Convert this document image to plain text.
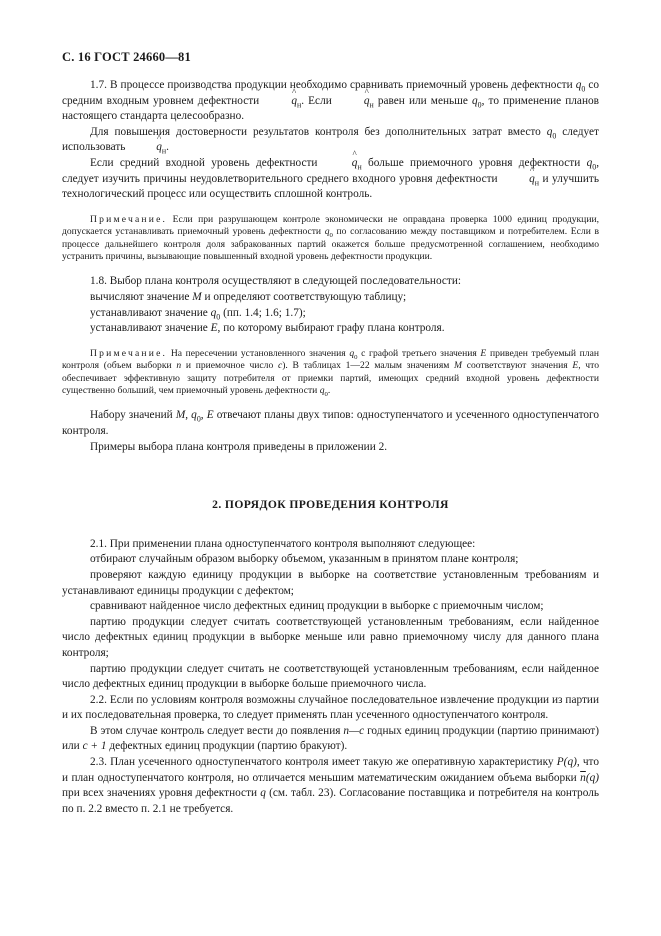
С. 16 ГОСТ 24660—81

1.7. В процессе производства продукции необходимо сравнивать приемочный уровень дефектности $q_0$ со средним входным уровнем дефектности	^ $q_н$. Если	^ $q_н$ равен или меньше $q_0$, то применение планов настоящего стандарта целесообразно.

Для повышения достоверности результатов контроля без дополнительных затрат вместо $q_0$ следует использовать	^ $q_н$.

Если средний входной уровень дефектности	^ $q_н$ больше приемочного уровня дефектности $q_0$, следует изучить причины неудовлетворительного среднего входного уровня дефектности	^ $q_н$ и улучшить технологический процесс или осуществить сплошной контроль.

Примечание. Если при разрушающем контроле экономически не оправдана проверка 1000 единиц продукции, допускается устанавливать приемочный уровень дефектности $q_0$ по согласованию между поставщиком и потребителем. Если в процессе дальнейшего контроля доля забракованных партий окажется больше предусмотренной соглашением, необходимо устранить причины, вызывающие повышенный входной уровень дефектности продукции.

1.8. Выбор плана контроля осуществляют в следующей последовательности:

вычисляют значение M и определяют соответствующую таблицу;

устанавливают значение $q_0$ (пп. 1.4; 1.6; 1.7);

устанавливают значение E, по которому выбирают графу плана контроля.

Примечание. На пересечении установленного значения $q_0$ с графой третьего значения E приведен требуемый план контроля (объем выборки n и приемочное число c). В таблицах 1—22 малым значениям M соответствуют значения E, что обеспечивает эффективную защиту потребителя от приемки партий, имеющих средний входной уровень дефектности существенно больший, чем приемочный уровень дефектности $q_0$.

Набору значений M, $q_0$, E отвечают планы двух типов: одноступенчатого и усеченного одноступенчатого контроля.

Примеры выбора плана контроля приведены в приложении 2.

2. ПОРЯДОК ПРОВЕДЕНИЯ КОНТРОЛЯ

2.1. При применении плана одноступенчатого контроля выполняют следующее:

отбирают случайным образом выборку объемом, указанным в принятом плане контроля;

проверяют каждую единицу продукции в выборке на соответствие установленным требованиям и устанавливают единицы продукции с дефектом;

сравнивают найденное число дефектных единиц продукции в выборке с приемочным числом;

партию продукции следует считать соответствующей установленным требованиям, если найденное число дефектных единиц продукции в выборке меньше или равно приемочному числу для данного плана контроля;

партию продукции следует считать не соответствующей установленным требованиям, если найденное число дефектных единиц продукции в выборке больше приемочного числа.

2.2. Если по условиям контроля возможны случайное последовательное извлечение продукции из партии и их последовательная проверка, то следует применять план усеченного одноступенчатого контроля.

В этом случае контроль следует вести до появления n—c годных единиц продукции (партию принимают) или c + 1 дефектных единиц продукции (партию бракуют).

2.3. План усеченного одноступенчатого контроля имеет такую же оперативную характеристику P(q), что и план одноступенчатого контроля, но отличается меньшим математическим ожиданием объема выборки $\overline{n}(q)$ при всех значениях уровня дефектности q (см. табл. 23). Согласование поставщика и потребителя на контроль по п. 2.2 вместо п. 2.1 не требуется.
